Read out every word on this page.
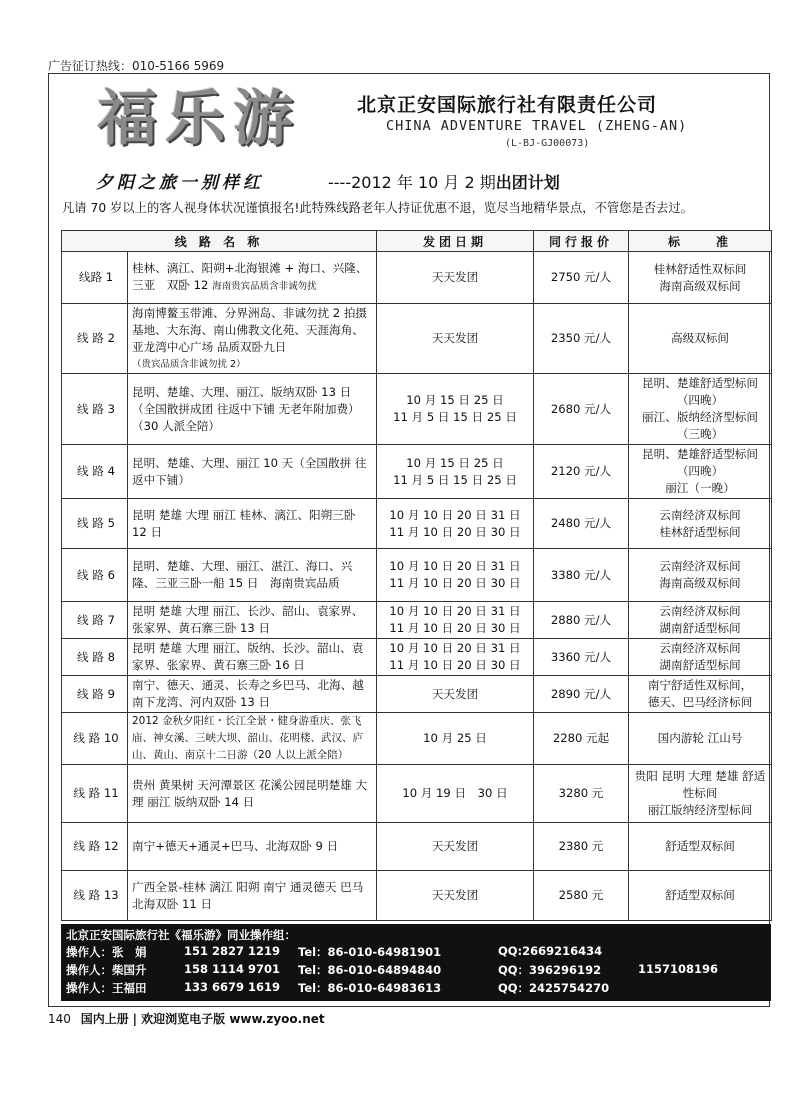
广告征订热线：010-5166 5969
福乐游	北京正安国际旅行社有限责任公司
CHINA ADVENTURE TRAVEL (ZHENG-AN)
(L-BJ-GJ00073)
夕阳之旅一别样红	----2012 年 10 月 2 期出团计划
凡请 70 岁以上的客人视身体状况谨慎报名!此特殊线路老年人持证优惠不退，览尽当地精华景点，不管您是否去过。
线 路 名 称		发团日期	同行报价	标　　准
线路 1	桂林、漓江、阳朔+北海银滩 + 海口、兴隆、三亚　双卧 12 海南贵宾品质含非诚勿扰	天天发团	2750 元/人	桂林舒适性双标间
海南高级双标间
线 路 2	海南博鳌玉带滩、分界洲岛、非诚勿扰 2 拍摄基地、大东海、南山佛教文化苑、天涯海角、亚龙湾中心广场 品质双卧九日
（贵宾品质含非诚勿扰 2）	天天发团	2350 元/人	高级双标间
线 路 3	昆明、楚雄、大理、丽江、版纳双卧 13 日（全国散拼成团 往返中下铺 无老年附加费）（30 人派全陪）	10 月 15 日 25 日
11 月 5 日 15 日 25 日	2680 元/人	昆明、楚雄舒适型标间　（四晚）
丽江、版纳经济型标间　（三晚）
线 路 4	昆明、楚雄、大理、丽江 10 天（全国散拼 往返中下铺）	10 月 15 日 25 日
11 月 5 日 15 日 25 日	2120 元/人	昆明、楚雄舒适型标间　（四晚）
丽江（一晚）
线 路 5	昆明 楚雄 大理 丽江 桂林、漓江、阳朔三卧 12 日	10 月 10 日 20 日 31 日
11 月 10 日 20 日 30 日	2480 元/人	云南经济双标间
桂林舒适型标间
线 路 6	昆明、楚雄、大理、丽江、湛江、海口、兴隆、三亚三卧一船 15 日　海南贵宾品质	10 月 10 日 20 日 31 日
11 月 10 日 20 日 30 日	3380 元/人	云南经济双标间
海南高级双标间
线 路 7	昆明 楚雄 大理 丽江、长沙、韶山、袁家界、张家界、黄石寨三卧 13 日	10 月 10 日 20 日 31 日
11 月 10 日 20 日 30 日	2880 元/人	云南经济双标间
湖南舒适型标间
线 路 8	昆明 楚雄 大理 丽江、版纳、长沙、韶山、袁家界、张家界、黄石寨三卧 16 日	10 月 10 日 20 日 31 日
11 月 10 日 20 日 30 日	3360 元/人	云南经济双标间
湖南舒适型标间
线 路 9	南宁、德天、通灵、长寿之乡巴马、北海、越南下龙湾、河内双卧 13 日	天天发团	2890 元/人	南宁舒适性双标间，
德天、巴马经济标间
线 路 10	2012 金秋夕阳红・长江全景・健身游重庆、张飞庙、神女溪、三峡大坝、韶山、花明楼、武汉、庐山、黄山、南京十二日游（20 人以上派全陪）	10 月 25 日	2280 元起	国内游轮 江山号
线 路 11	贵州 黄果树 天河潭景区 花溪公园昆明楚雄 大理 丽江 版纳双卧 14 日	10 月 19 日　30 日	3280 元	贵阳 昆明 大理 楚雄 舒适性标间
丽江版纳经济型标间
线 路 12	南宁+德天+通灵+巴马、北海双卧 9 日	天天发团	2380 元	舒适型双标间
线 路 13	广西全景-桂林 漓江 阳朔 南宁 通灵德天 巴马 北海双卧 11 日	天天发团	2580 元	舒适型双标间
北京正安国际旅行社《福乐游》同业操作组：
操作人：张　娟	151 2827 1219 Tel：86-010-64981901	QQ:2669216434
操作人：柴国升	158 1114 9701 Tel：86-010-64894840	QQ：396296192	1157108196
操作人：王福田	133 6679 1619 Tel：86-010-64983613	QQ：2425754270
140 国内上册 | 欢迎浏览电子版 www.zyoo.net
